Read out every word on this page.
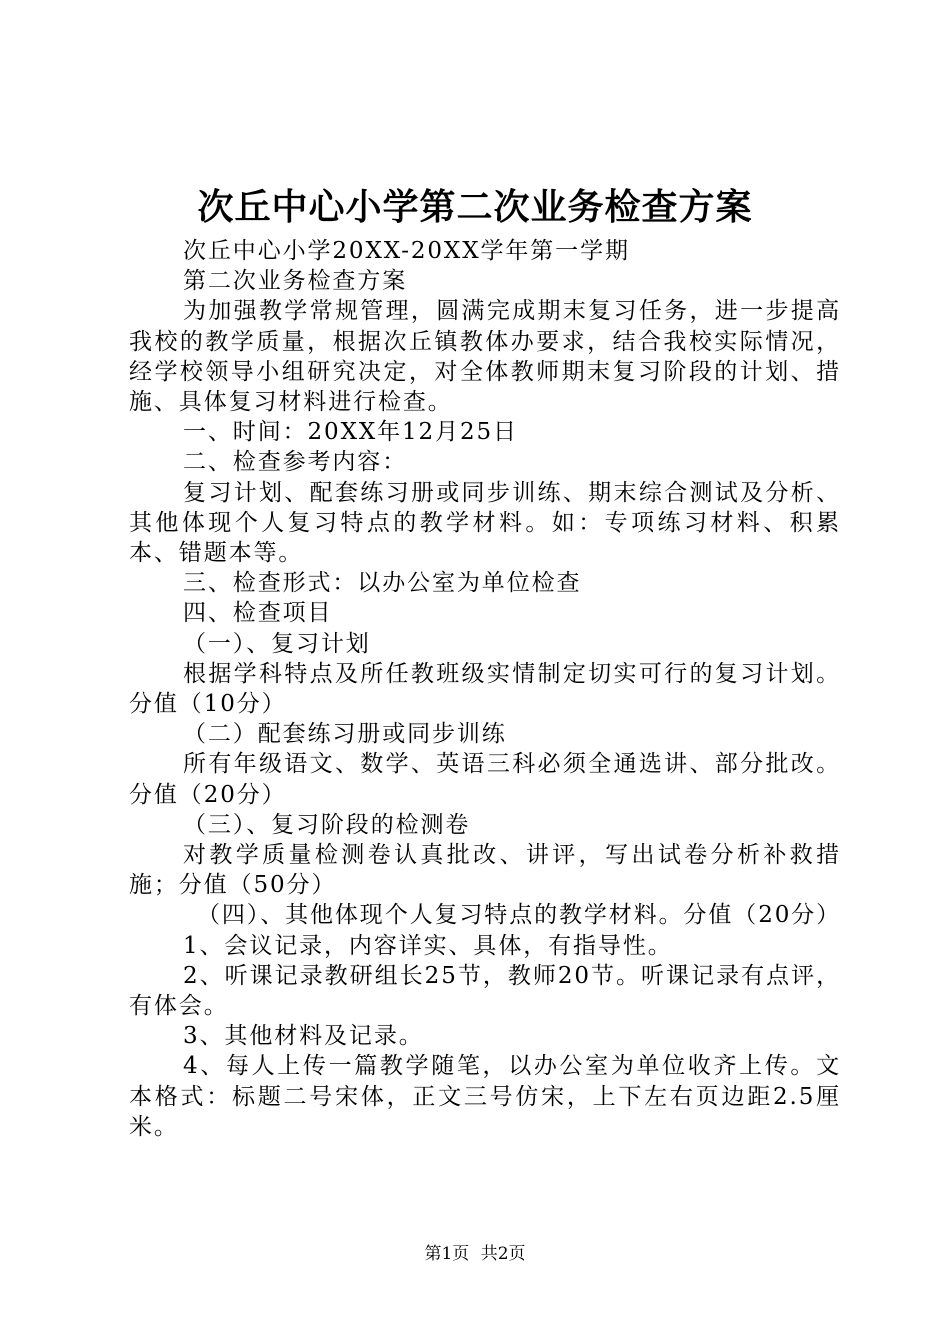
次丘中心小学第二次业务检查方案

次丘中心小学20XX-20XX学年第一学期

第二次业务检查方案

为加强教学常规管理，圆满完成期末复习任务，进一步提高我校的教学质量，根据次丘镇教体办要求，结合我校实际情况，经学校领导小组研究决定，对全体教师期末复习阶段的计划、措施、具体复习材料进行检查。

一、时间：20XX年12月25日

二、检查参考内容：

复习计划、配套练习册或同步训练、期末综合测试及分析、其他体现个人复习特点的教学材料。如：专项练习材料、积累本、错题本等。

三、检查形式：以办公室为单位检查

四、检查项目

（一）、复习计划

根据学科特点及所任教班级实情制定切实可行的复习计划。分值（10分）

（二）配套练习册或同步训练

所有年级语文、数学、英语三科必须全通选讲、部分批改。分值（20分）

（三）、复习阶段的检测卷

对教学质量检测卷认真批改、讲评，写出试卷分析补救措施；分值（50分）

（四）、其他体现个人复习特点的教学材料。分值（20分）

1、会议记录，内容详实、具体，有指导性。

2、听课记录教研组长25节，教师20节。听课记录有点评，有体会。

3、其他材料及记录。

4、每人上传一篇教学随笔，以办公室为单位收齐上传。文本格式：标题二号宋体，正文三号仿宋，上下左右页边距2.5厘米。

第1页 共2页
